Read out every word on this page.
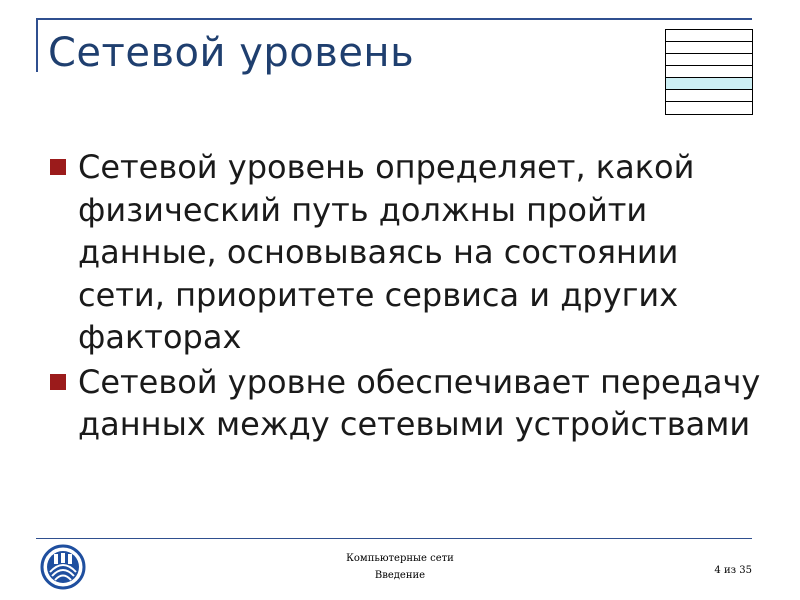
Сетевой уровень
Сетевой уровень определяет, какой физический путь должны пройти данные, основываясь на состоянии сети, приоритете сервиса и других факторах
Сетевой уровне обеспечивает передачу данных между сетевыми устройствами
Компьютерные сети
Введение	4 из 35
